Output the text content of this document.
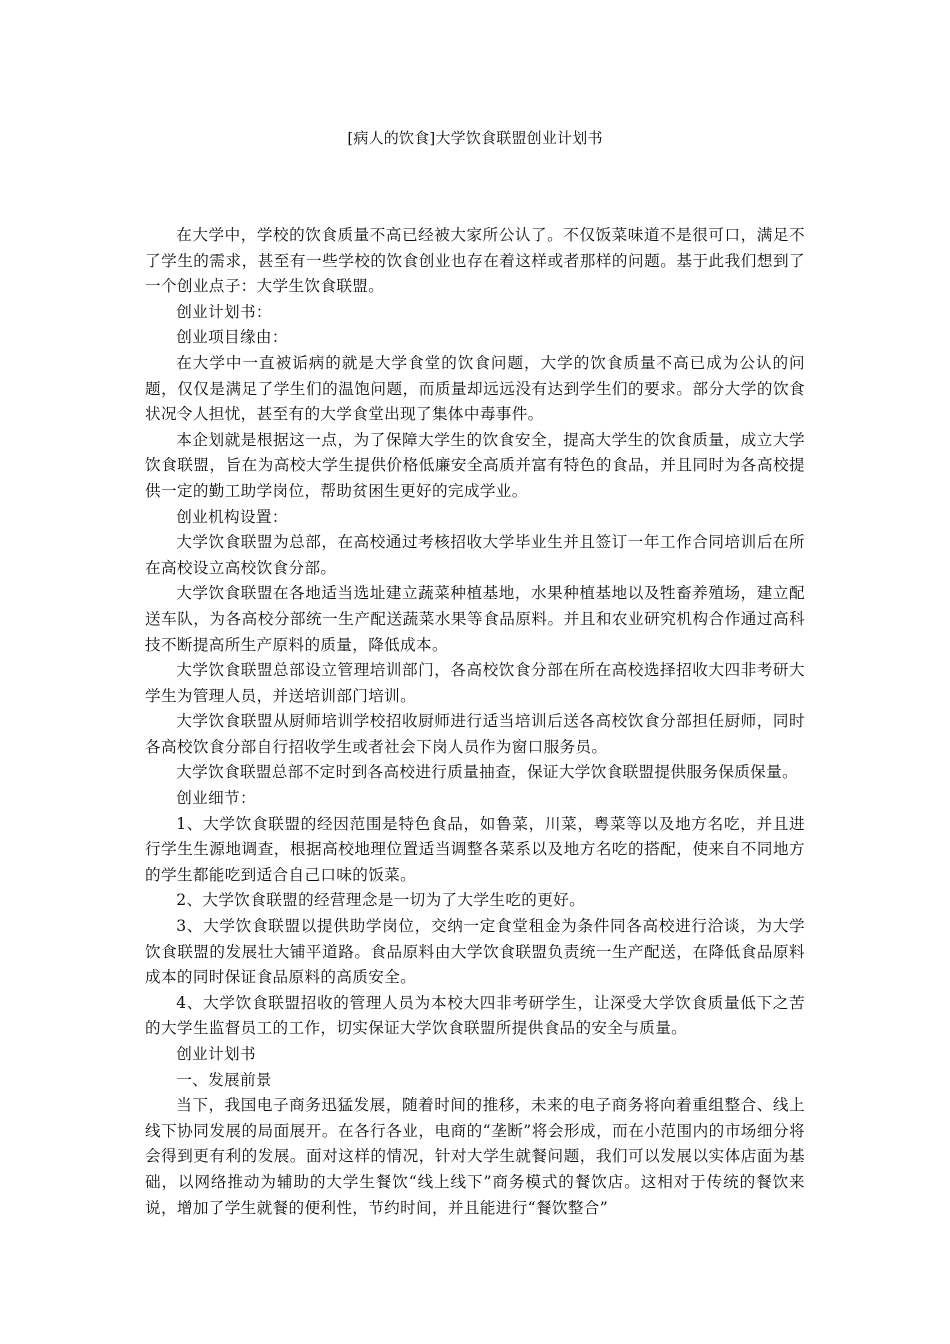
[病人的饮食]大学饮食联盟创业计划书

在大学中，学校的饮食质量不高已经被大家所公认了。不仅饭菜味道不是很可口，满足不了学生的需求，甚至有一些学校的饮食创业也存在着这样或者那样的问题。基于此我们想到了一个创业点子：大学生饮食联盟。

创业计划书：

创业项目缘由：

在大学中一直被诟病的就是大学食堂的饮食问题，大学的饮食质量不高已成为公认的问题，仅仅是满足了学生们的温饱问题，而质量却远远没有达到学生们的要求。部分大学的饮食状况令人担忧，甚至有的大学食堂出现了集体中毒事件。

本企划就是根据这一点，为了保障大学生的饮食安全，提高大学生的饮食质量，成立大学饮食联盟，旨在为高校大学生提供价格低廉安全高质并富有特色的食品，并且同时为各高校提供一定的勤工助学岗位，帮助贫困生更好的完成学业。

创业机构设置：

大学饮食联盟为总部，在高校通过考核招收大学毕业生并且签订一年工作合同培训后在所在高校设立高校饮食分部。

大学饮食联盟在各地适当选址建立蔬菜种植基地，水果种植基地以及牲畜养殖场，建立配送车队，为各高校分部统一生产配送蔬菜水果等食品原料。并且和农业研究机构合作通过高科技不断提高所生产原料的质量，降低成本。

大学饮食联盟总部设立管理培训部门，各高校饮食分部在所在高校选择招收大四非考研大学生为管理人员，并送培训部门培训。

大学饮食联盟从厨师培训学校招收厨师进行适当培训后送各高校饮食分部担任厨师，同时各高校饮食分部自行招收学生或者社会下岗人员作为窗口服务员。

大学饮食联盟总部不定时到各高校进行质量抽查，保证大学饮食联盟提供服务保质保量。

创业细节：

1、大学饮食联盟的经因范围是特色食品，如鲁菜，川菜，粤菜等以及地方名吃，并且进行学生生源地调查，根据高校地理位置适当调整各菜系以及地方名吃的搭配，使来自不同地方的学生都能吃到适合自己口味的饭菜。

2、大学饮食联盟的经营理念是一切为了大学生吃的更好。

3、大学饮食联盟以提供助学岗位，交纳一定食堂租金为条件同各高校进行洽谈，为大学饮食联盟的发展壮大铺平道路。食品原料由大学饮食联盟负责统一生产配送，在降低食品原料成本的同时保证食品原料的高质安全。

4、大学饮食联盟招收的管理人员为本校大四非考研学生，让深受大学饮食质量低下之苦的大学生监督员工的工作，切实保证大学饮食联盟所提供食品的安全与质量。

创业计划书

一、发展前景

当下，我国电子商务迅猛发展，随着时间的推移，未来的电子商务将向着重组整合、线上线下协同发展的局面展开。在各行各业，电商的“垄断”将会形成，而在小范围内的市场细分将会得到更有利的发展。面对这样的情况，针对大学生就餐问题，我们可以发展以实体店面为基础，以网络推动为辅助的大学生餐饮“线上线下”商务模式的餐饮店。这相对于传统的餐饮来说，增加了学生就餐的便利性，节约时间，并且能进行“餐饮整合”
